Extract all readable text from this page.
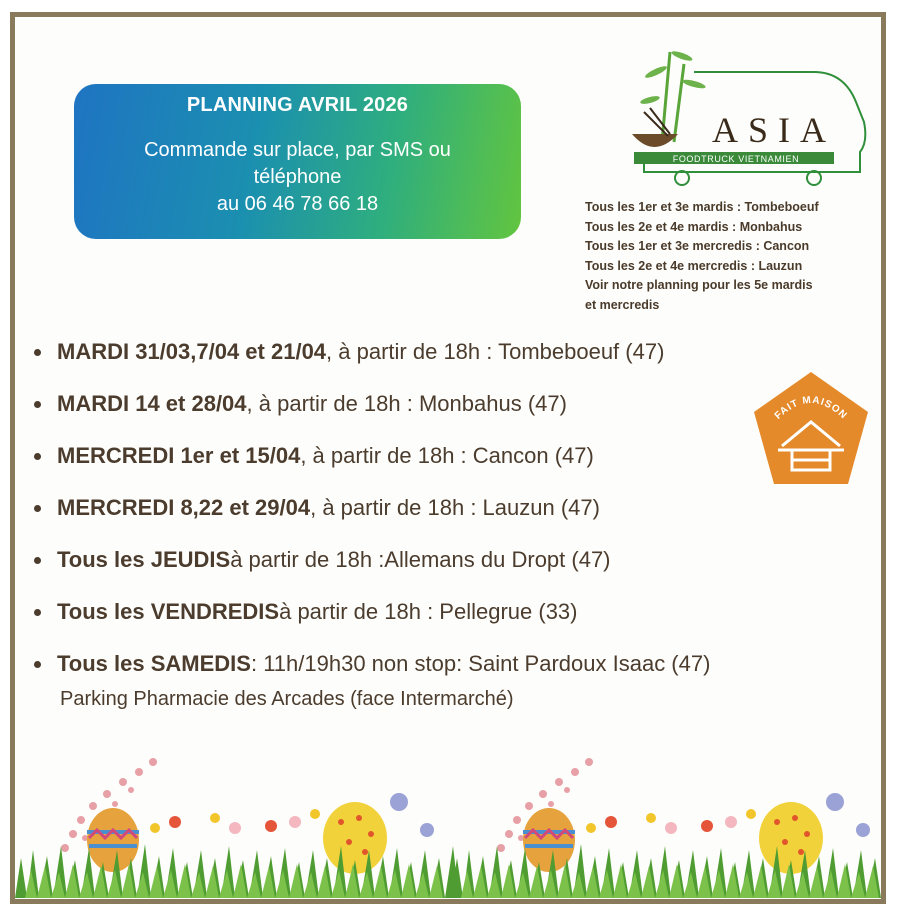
PLANNING AVRIL 2026
Commande sur place, par SMS ou
téléphone
au 06 46 78 66 18
ASIA
FOODTRUCK VIETNAMIEN
Tous les 1er et 3e mardis : Tombeboeuf
Tous les 2e et 4e mardis : Monbahus
Tous les 1er et 3e mercredis : Cancon
Tous les 2e et 4e mercredis : Lauzun
Voir notre planning pour les 5e mardis
et mercredis
MARDI 31/03,7/04 et 21/04 , à partir de 18h : Tombeboeuf (47)
MARDI 14 et 28/04 , à partir de 18h : Monbahus (47)
MERCREDI 1er et 15/04 , à partir de 18h : Cancon (47)
MERCREDI 8,22 et 29/04 , à partir de 18h : Lauzun (47)
Tous les JEUDIS à partir de 18h :Allemans du Dropt (47)
Tous les VENDREDIS à partir de 18h : Pellegrue (33)
Tous les SAMEDIS : 11h/19h30 non stop: Saint Pardoux Isaac (47)
Parking Pharmacie des Arcades (face Intermarché)
FAIT MAISON
